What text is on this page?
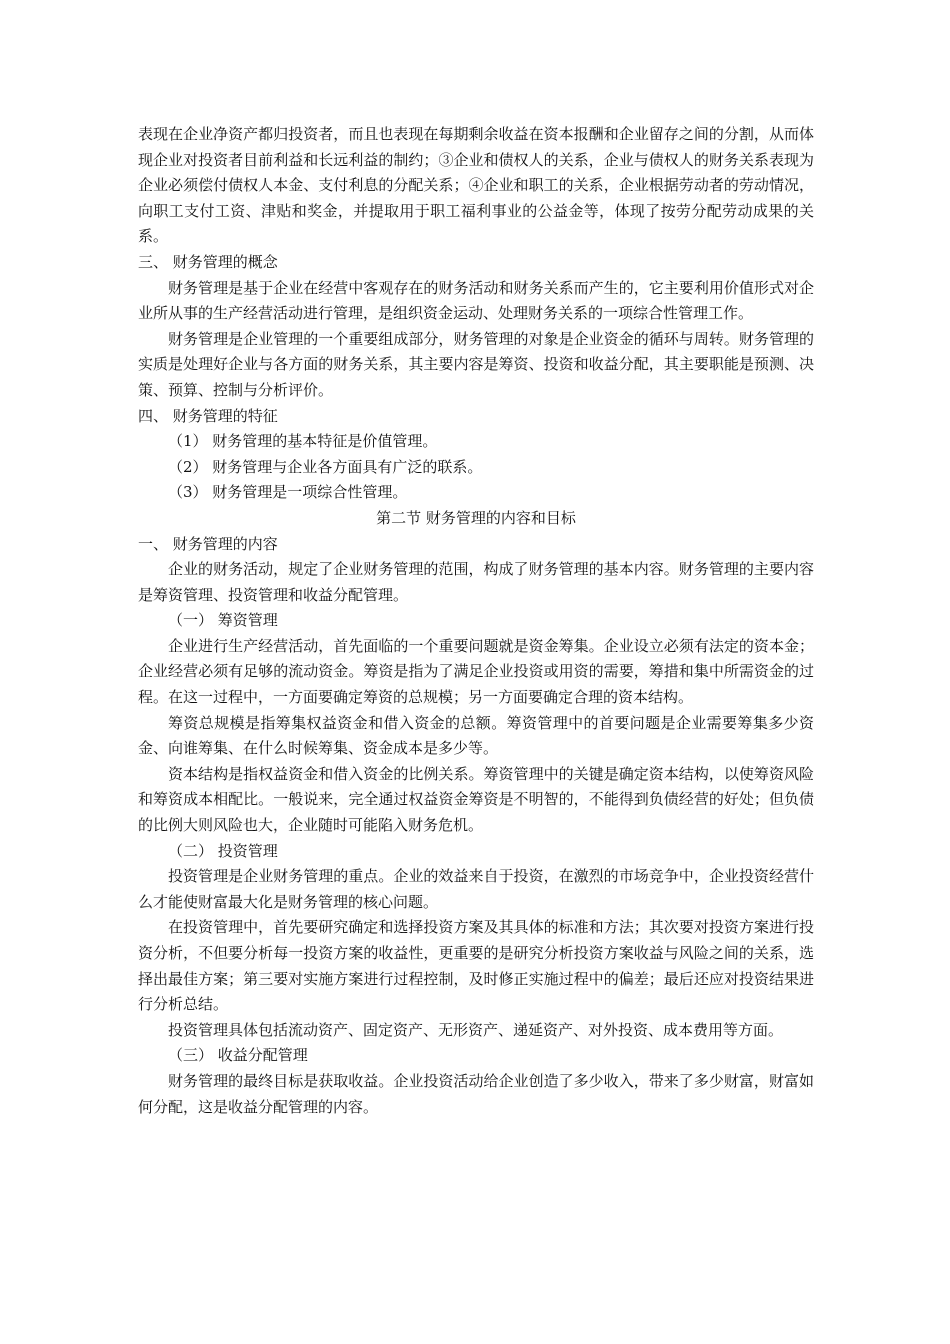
表现在企业净资产都归投资者，而且也表现在每期剩余收益在资本报酬和企业留存之间的分割，从而体现企业对投资者目前利益和长远利益的制约；③企业和债权人的关系，企业与债权人的财务关系表现为企业必须偿付债权人本金、支付利息的分配关系；④企业和职工的关系，企业根据劳动者的劳动情况，向职工支付工资、津贴和奖金，并提取用于职工福利事业的公益金等，体现了按劳分配劳动成果的关系。

三、 财务管理的概念

财务管理是基于企业在经营中客观存在的财务活动和财务关系而产生的，它主要利用价值形式对企业所从事的生产经营活动进行管理，是组织资金运动、处理财务关系的一项综合性管理工作。

财务管理是企业管理的一个重要组成部分，财务管理的对象是企业资金的循环与周转。财务管理的实质是处理好企业与各方面的财务关系，其主要内容是筹资、投资和收益分配，其主要职能是预测、决策、预算、控制与分析评价。

四、 财务管理的特征

（1） 财务管理的基本特征是价值管理。

（2） 财务管理与企业各方面具有广泛的联系。

（3） 财务管理是一项综合性管理。

第二节 财务管理的内容和目标

一、 财务管理的内容

企业的财务活动，规定了企业财务管理的范围，构成了财务管理的基本内容。财务管理的主要内容是筹资管理、投资管理和收益分配管理。

（一） 筹资管理

企业进行生产经营活动，首先面临的一个重要问题就是资金筹集。企业设立必须有法定的资本金；企业经营必须有足够的流动资金。筹资是指为了满足企业投资或用资的需要，筹措和集中所需资金的过程。在这一过程中，一方面要确定筹资的总规模；另一方面要确定合理的资本结构。

筹资总规模是指筹集权益资金和借入资金的总额。筹资管理中的首要问题是企业需要筹集多少资金、向谁筹集、在什么时候筹集、资金成本是多少等。

资本结构是指权益资金和借入资金的比例关系。筹资管理中的关键是确定资本结构，以使筹资风险和筹资成本相配比。一般说来，完全通过权益资金筹资是不明智的，不能得到负债经营的好处；但负债的比例大则风险也大，企业随时可能陷入财务危机。

（二） 投资管理

投资管理是企业财务管理的重点。企业的效益来自于投资，在激烈的市场竞争中，企业投资经营什么才能使财富最大化是财务管理的核心问题。

在投资管理中，首先要研究确定和选择投资方案及其具体的标准和方法；其次要对投资方案进行投资分析，不但要分析每一投资方案的收益性，更重要的是研究分析投资方案收益与风险之间的关系，选择出最佳方案；第三要对实施方案进行过程控制，及时修正实施过程中的偏差；最后还应对投资结果进行分析总结。

投资管理具体包括流动资产、固定资产、无形资产、递延资产、对外投资、成本费用等方面。

（三） 收益分配管理

财务管理的最终目标是获取收益。企业投资活动给企业创造了多少收入，带来了多少财富，财富如何分配，这是收益分配管理的内容。
